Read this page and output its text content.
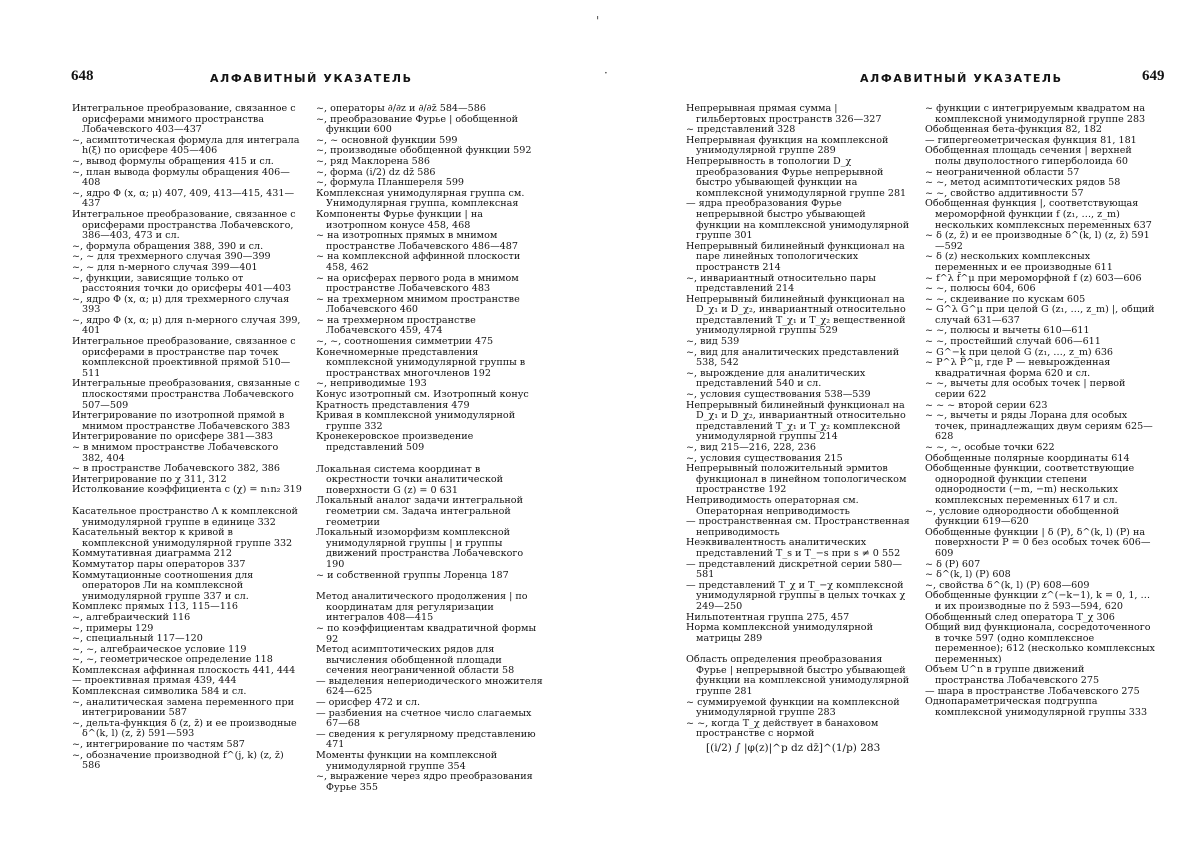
648	АЛФАВИТНЫЙ УКАЗАТЕЛЬ

Интегральное преобразование, связанное с орисферами мнимого пространства Лобачевского 403—437

~, асимптотическая формула для интеграла h(ξ) по орисфере 405—406

~, вывод формулы обращения 415 и сл.

~, план вывода формулы обращения 406—408

~, ядро Φ (x, α; μ) 407, 409, 413—415, 431—437

Интегральное преобразование, связанное с орисферами пространства Лобачевского, 386—403, 473 и сл.

~, формула обращения 388, 390 и сл.

~, ~ для трехмерного случая 390—399

~, ~ для n-мерного случая 399—401

~, функции, зависящие только от расстояния точки до орисферы 401—403

~, ядро Φ (x, α; μ) для трехмерного случая 393

~, ядро Φ (x, α; μ) для n-мерного случая 399, 401

Интегральное преобразование, связанное с орисферами в пространстве пар точек комплексной проективной прямой 510—511

Интегральные преобразования, связанные с плоскостями пространства Лобачевского 507—509

Интегрирование по изотропной прямой в мнимом пространстве Лобачевского 383

Интегрирование по орисфере 381—383

~ в мнимом пространстве Лобачевского 382, 404

~ в пространстве Лобачевского 382, 386

Интегрирование по χ 311, 312

Истолкование коэффициента c (χ) = n₁n₂ 319

Касательное пространство Λ к комплексной унимодулярной группе в единице 332

Касательный вектор к кривой в комплексной унимодулярной группе 332

Коммутативная диаграмма 212

Коммутатор пары операторов 337

Коммутационные соотношения для операторов Ли на комплексной унимодулярной группе 337 и сл.

Комплекс прямых 113, 115—116

~, алгебраический 116

~, примеры 129

~, специальный 117—120

~, ~, алгебраическое условие 119

~, ~, геометрическое определение 118

Комплексная аффинная плоскость 441, 444

— проективная прямая 439, 444

Комплексная символика 584 и сл.

~, аналитическая замена переменного при интегрировании 587

~, дельта-функция δ (z, z̄) и ее производные δ^(k, l) (z, z̄) 591—593

~, интегрирование по частям 587

~, обозначение производной f^(j, k) (z, z̄) 586

~, операторы ∂/∂z и ∂/∂z̄ 584—586

~, преобразование Фурье | обобщенной функции 600

~, ~ основной функции 599

~, производные обобщенной функции 592

~, ряд Маклорена 586

~, форма (i/2) dz dz̄ 586

~, формула Планшереля 599

Комплексная унимодулярная группа см. Унимодулярная группа, комплексная

Компоненты Фурье функции | на изотропном конусе 458, 468

~ на изотропных прямых в мнимом пространстве Лобачевского 486—487

~ на комплексной аффинной плоскости 458, 462

~ на орисферах первого рода в мнимом пространстве Лобачевского 483

~ на трехмерном мнимом пространстве Лобачевского 460

~ на трехмерном пространстве Лобачевского 459, 474

~, ~, соотношения симметрии 475

Конечномерные представления комплексной унимодулярной группы в пространствах многочленов 192

~, неприводимые 193

Конус изотропный см. Изотропный конус

Кратность представления 479

Кривая в комплексной унимодулярной группе 332

Кронекеровское произведение представлений 509

Локальная система координат в окрестности точки аналитической поверхности G (z) = 0 631

Локальный аналог задачи интегральной геометрии см. Задача интегральной геометрии

Локальный изоморфизм комплексной унимодулярной группы | и группы движений пространства Лобачевского 190

~ и собственной группы Лоренца 187

Метод аналитического продолжения | по координатам для регуляризации интегралов 408—415

~ по коэффициентам квадратичной формы 92

Метод асимптотических рядов для вычисления обобщенной площади сечения неограниченной области 58

— выделения непериодического множителя 624—625

— орисфер 472 и сл.

— разбиения на счетное число слагаемых 67—68

— сведения к регулярному представлению 471

Моменты функции на комплексной унимодулярной группе 354

~, выражение через ядро преобразования Фурье 355

'
·	АЛФАВИТНЫЙ УКАЗАТЕЛЬ	649

Непрерывная прямая сумма | гильбертовых пространств 326—327

~ представлений 328

Непрерывная функция на комплексной унимодулярной группе 289

Непрерывность в топологии D_χ преобразования Фурье непрерывной быстро убывающей функции на комплексной унимодулярной группе 281

— ядра преобразования Фурье непрерывной быстро убывающей функции на комплексной унимодулярной группе 301

Непрерывный билинейный функционал на паре линейных топологических пространств 214

~, инвариантный относительно пары представлений 214

Непрерывный билинейный функционал на D_χ₁ и D_χ₂, инвариантный относительно представлений T_χ₁ и T_χ₂ вещественной унимодулярной группы 529

~, вид 539

~, вид для аналитических представлений 538, 542

~, вырождение для аналитических представлений 540 и сл.

~, условия существования 538—539

Непрерывный билинейный функционал на D_χ₁ и D_χ₂, инвариантный относительно представлений T_χ₁ и T_χ₂ комплексной унимодулярной группы 214

~, вид 215—216, 228, 236

~, условия существования 215

Непрерывный положительный эрмитов функционал в линейном топологическом пространстве 192

Неприводимость операторная см. Операторная неприводимость

— пространственная см. Пространственная неприводимость

Неэквивалентность аналитических представлений T_s и T_−s при s ≠ 0 552

— представлений дискретной серии 580—581

— представлений T_χ и T_−χ комплексной унимодулярной группы в целых точках χ 249—250

Нильпотентная группа 275, 457

Норма комплексной унимодулярной матрицы 289

Область определения преобразования Фурье | непрерывной быстро убывающей функции на комплексной унимодулярной группе 281

~ суммируемой функции на комплексной унимодулярной группе 283

~ ~, когда T_χ действует в банаховом пространстве с нормой

[(i/2) ∫ |φ(z)|^p dz dz̄]^(1/p) 283

~ функции с интегрируемым квадратом на комплексной унимодулярной группе 283

Обобщенная бета-функция 82, 182

— гипергеометрическая функция 81, 181

Обобщенная площадь сечения | верхней полы двуполостного гиперболоида 60

~ неограниченной области 57

~ ~, метод асимптотических рядов 58

~ ~, свойство аддитивности 57

Обобщенная функция |, соответствующая мероморфной функции f (z₁, …, z_m) нескольких комплексных переменных 637

~ δ (z, z̄) и ее производные δ^(k, l) (z, z̄) 591—592

~ δ (z) нескольких комплексных переменных и ее производные 611

~ f^λ f̄^μ при мероморфной f (z) 603—606

~ ~, полюсы 604, 606

~ ~, склеивание по кускам 605

~ G^λ Ḡ^μ при целой G (z₁, …, z_m) |, общий случай 631—637

~ ~, полюсы и вычеты 610—611

~ ~, простейший случай 606—611

~ G^−k при целой G (z₁, …, z_m) 636

~ P^λ P̄^μ, где P — невырожденная квадратичная форма 620 и сл.

~ ~, вычеты для особых точек | первой серии 622

~ ~ ~ второй серии 623

~ ~, вычеты и ряды Лорана для особых точек, принадлежащих двум сериям 625—628

~ ~, ~, особые точки 622

Обобщенные полярные координаты 614

Обобщенные функции, соответствующие однородной функции степени однородности (−m, −m) нескольких комплексных переменных 617 и сл.

~, условие однородности обобщенной функции 619—620

Обобщенные функции | δ (P), δ^(k, l) (P) на поверхности P = 0 без особых точек 606—609

~ δ (P) 607

~ δ^(k, l) (P) 608

~, свойства δ^(k, l) (P) 608—609

Обобщенные функции z^(−k−1), k = 0, 1, … и их производные по z̄ 593—594, 620

Обобщенный след оператора T_χ 306

Общий вид функционала, сосредоточенного в точке 597 (одно комплексное переменное); 612 (несколько комплексных переменных)

Объем U^n в группе движений пространства Лобачевского 275

— шара в пространстве Лобачевского 275

Однопараметрическая подгруппа комплексной унимодулярной группы 333
